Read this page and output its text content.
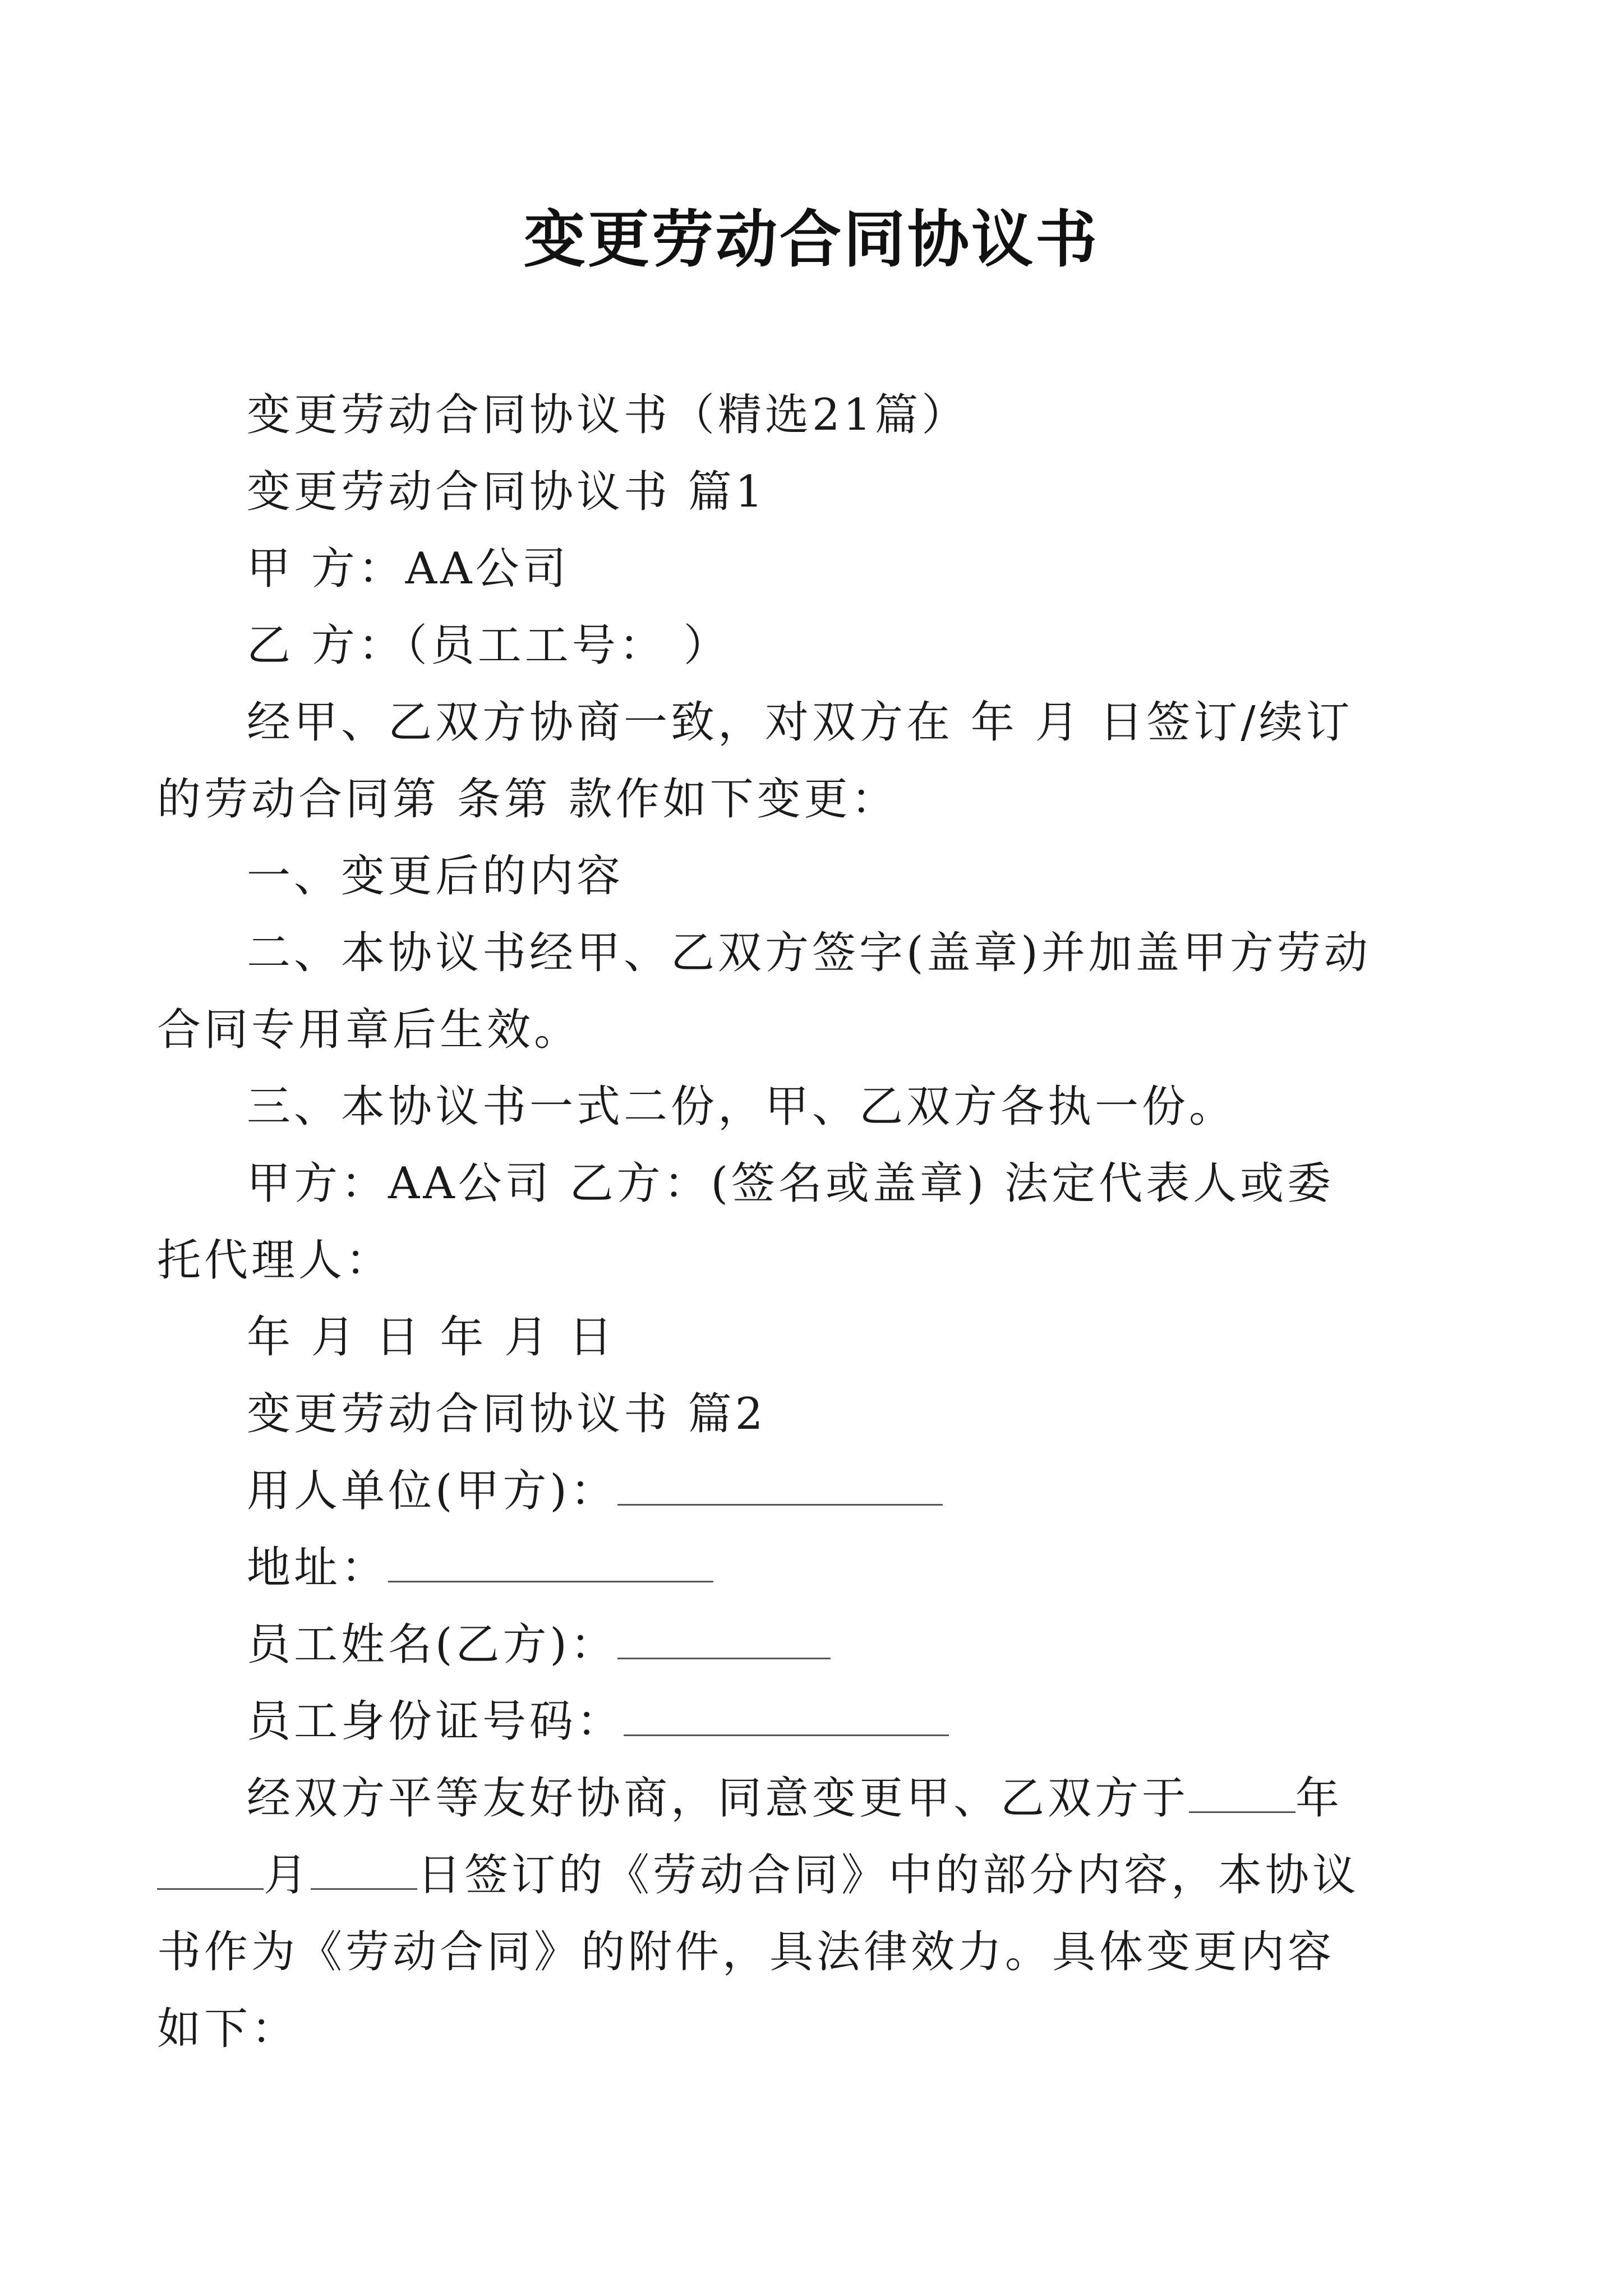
变更劳动合同协议书
变更劳动合同协议书（精选21篇）
变更劳动合同协议书 篇1
甲 方：AA公司
乙 方：（员工工号： ）
经甲、乙双方协商一致，对双方在 年 月 日签订/续订的劳动合同第 条第 款作如下变更：
一、变更后的内容
二、本协议书经甲、乙双方签字(盖章)并加盖甲方劳动合同专用章后生效。
三、本协议书一式二份，甲、乙双方各执一份。
甲方：AA公司 乙方：(签名或盖章) 法定代表人或委托代理人：
年 月 日 年 月 日
变更劳动合同协议书 篇2
用人单位(甲方)：
地址：
员工姓名(乙方)：
员工身份证号码：
经双方平等友好协商，同意变更甲、乙双方于 年月 日签订的《劳动合同》中的部分内容，本协议书作为《劳动合同》的附件，具法律效力。具体变更内容如下：
